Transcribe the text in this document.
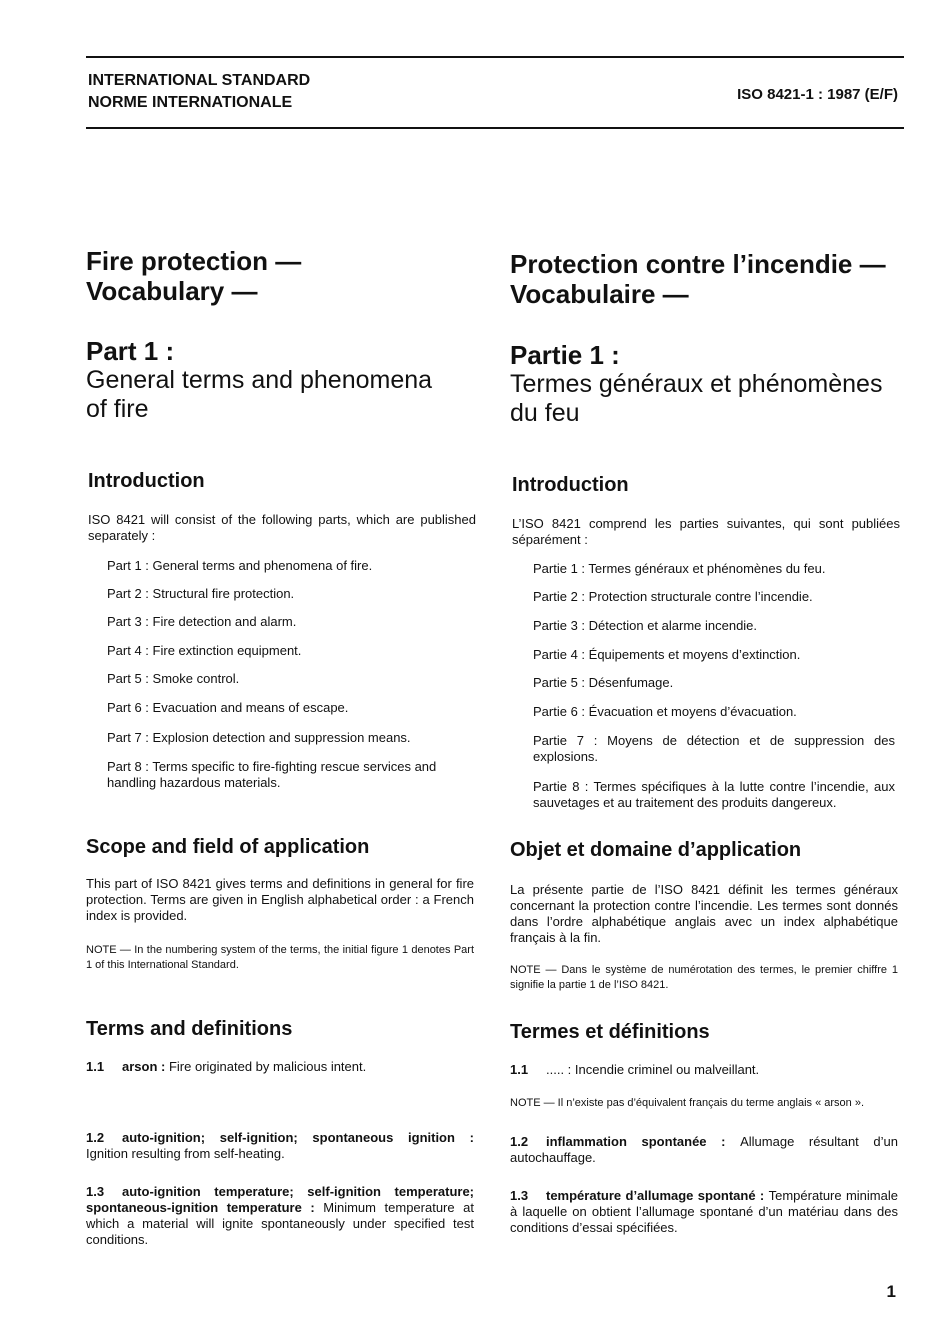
INTERNATIONAL STANDARD
NORME INTERNATIONALE	ISO 8421-1 : 1987 (E/F)
Fire protection —
Vocabulary —
Part 1 :
General terms and phenomena
of fire
Introduction

ISO 8421 will consist of the following parts, which are published separately :

Part 1 : General terms and phenomena of fire.
Part 2 : Structural fire protection.
Part 3 : Fire detection and alarm.
Part 4 : Fire extinction equipment.
Part 5 : Smoke control.
Part 6 : Evacuation and means of escape.
Part 7 : Explosion detection and suppression means.
Part 8 : Terms specific to fire-fighting rescue services and handling hazardous materials.
Scope and field of application

This part of ISO 8421 gives terms and definitions in general for fire protection. Terms are given in English alphabetical order : a French index is provided.

NOTE — In the numbering system of the terms, the initial figure 1 denotes Part 1 of this International Standard.

Terms and definitions

1.1 arson : Fire originated by malicious intent.

1.2 auto-ignition; self-ignition; spontaneous ignition : Ignition resulting from self-heating.

1.3 auto-ignition temperature; self-ignition temperature; spontaneous-ignition temperature : Minimum temperature at which a material will ignite spontaneously under specified test conditions.

Protection contre l’incendie —
Vocabulaire —
Partie 1 :
Termes généraux et phénomènes
du feu
Introduction

L’ISO 8421 comprend les parties suivantes, qui sont publiées séparément :

Partie 1 : Termes généraux et phénomènes du feu.
Partie 2 : Protection structurale contre l’incendie.
Partie 3 : Détection et alarme incendie.
Partie 4 : Équipements et moyens d’extinction.
Partie 5 : Désenfumage.
Partie 6 : Évacuation et moyens d’évacuation.
Partie 7 : Moyens de détection et de suppression des explosions.
Partie 8 : Termes spécifiques à la lutte contre l’incendie, aux sauvetages et au traitement des produits dangereux.
Objet et domaine d’application

La présente partie de l’ISO 8421 définit les termes généraux concernant la protection contre l’incendie. Les termes sont donnés dans l’ordre alphabétique anglais avec un index alphabétique français à la fin.

NOTE — Dans le système de numérotation des termes, le premier chiffre 1 signifie la partie 1 de l’ISO 8421.

Termes et définitions

1.1 ..... : Incendie criminel ou malveillant.

NOTE — Il n’existe pas d’équivalent français du terme anglais « arson ».

1.2 inflammation spontanée : Allumage résultant d’un autochauffage.

1.3 température d’allumage spontané : Température minimale à laquelle on obtient l’allumage spontané d’un matériau dans des conditions d’essai spécifiées.

1
